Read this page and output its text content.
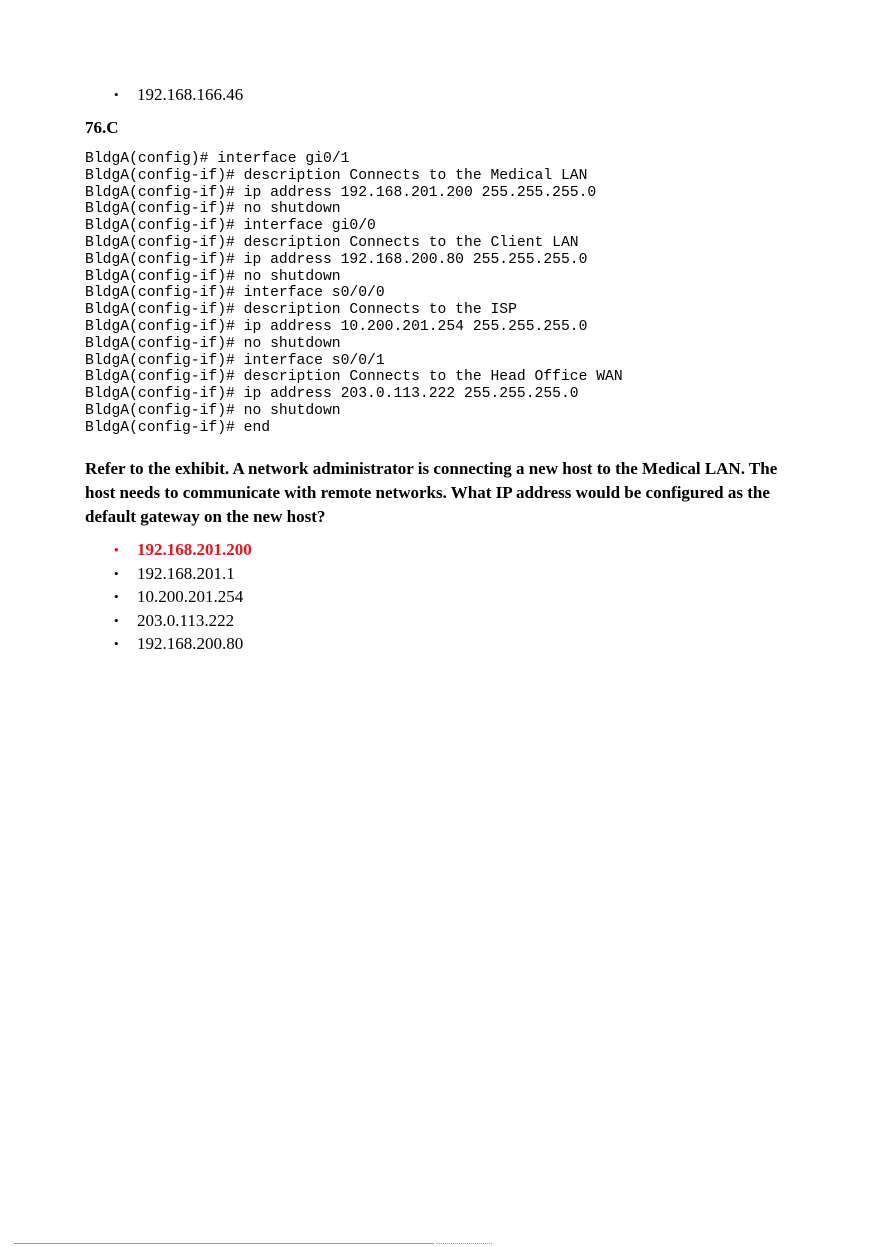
• 192.168.166.46
76.C
BldgA(config)# interface gi0/1
BldgA(config-if)# description Connects to the Medical LAN
BldgA(config-if)# ip address 192.168.201.200 255.255.255.0
BldgA(config-if)# no shutdown
BldgA(config-if)# interface gi0/0
BldgA(config-if)# description Connects to the Client LAN
BldgA(config-if)# ip address 192.168.200.80 255.255.255.0
BldgA(config-if)# no shutdown
BldgA(config-if)# interface s0/0/0
BldgA(config-if)# description Connects to the ISP
BldgA(config-if)# ip address 10.200.201.254 255.255.255.0
BldgA(config-if)# no shutdown
BldgA(config-if)# interface s0/0/1
BldgA(config-if)# description Connects to the Head Office WAN
BldgA(config-if)# ip address 203.0.113.222 255.255.255.0
BldgA(config-if)# no shutdown
BldgA(config-if)# end

Refer to the exhibit. A network administrator is connecting a new host to the Medical LAN. The host needs to communicate with remote networks. What IP address would be configured as the default gateway on the new host?

• 192.168.201.200
• 192.168.201.1
• 10.200.201.254
• 203.0.113.222
• 192.168.200.80
